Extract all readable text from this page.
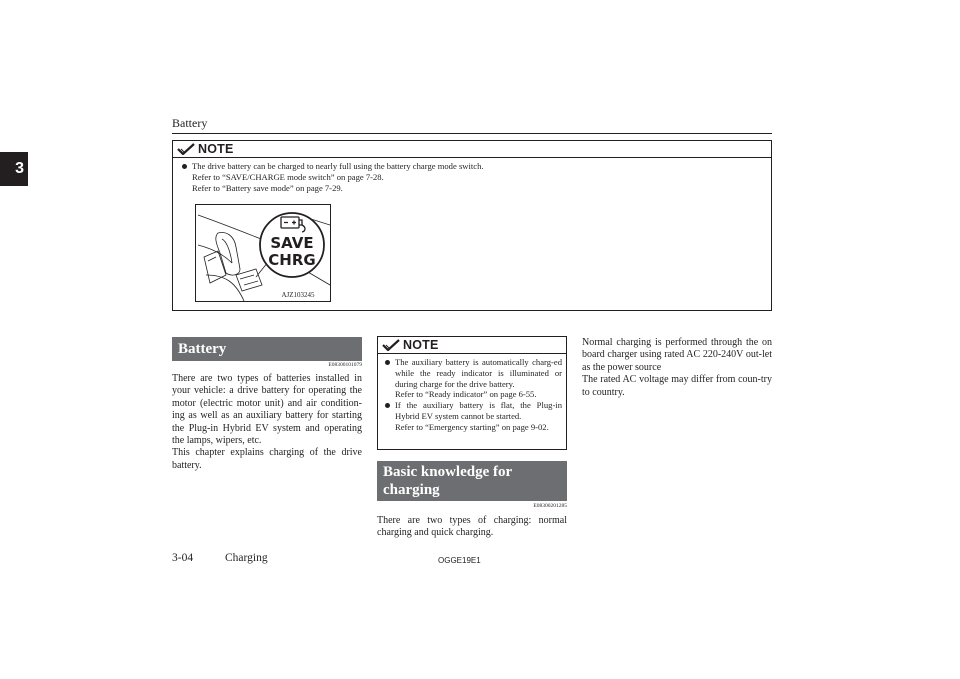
Battery
3
NOTE
The drive battery can be charged to nearly full using the battery charge mode switch.
Refer to “SAVE/CHARGE mode switch” on page 7-28.
Refer to “Battery save mode” on page 7-29.
SAVE
CHRG
AJZ103245
Battery
E08300101079
There are two types of batteries installed in your vehicle: a drive battery for operating the motor (electric motor unit) and air condition-ing as well as an auxiliary battery for starting the Plug-in Hybrid EV system and operating the lamps, wipers, etc.
This chapter explains charging of the drive battery.
NOTE
The auxiliary battery is automatically charg-ed while the ready indicator is illuminated or during charge for the drive battery.
Refer to “Ready indicator” on page 6-55.
If the auxiliary battery is flat, the Plug-in Hybrid EV system cannot be started.
Refer to “Emergency starting” on page 9-02.
Basic knowledge for
charging
E08300201285
There are two types of charging: normal charging and quick charging.
Normal charging is performed through the on board charger using rated AC 220-240V out-let as the power source
The rated AC voltage may differ from coun-try to country.
3-04	Charging	OGGE19E1
